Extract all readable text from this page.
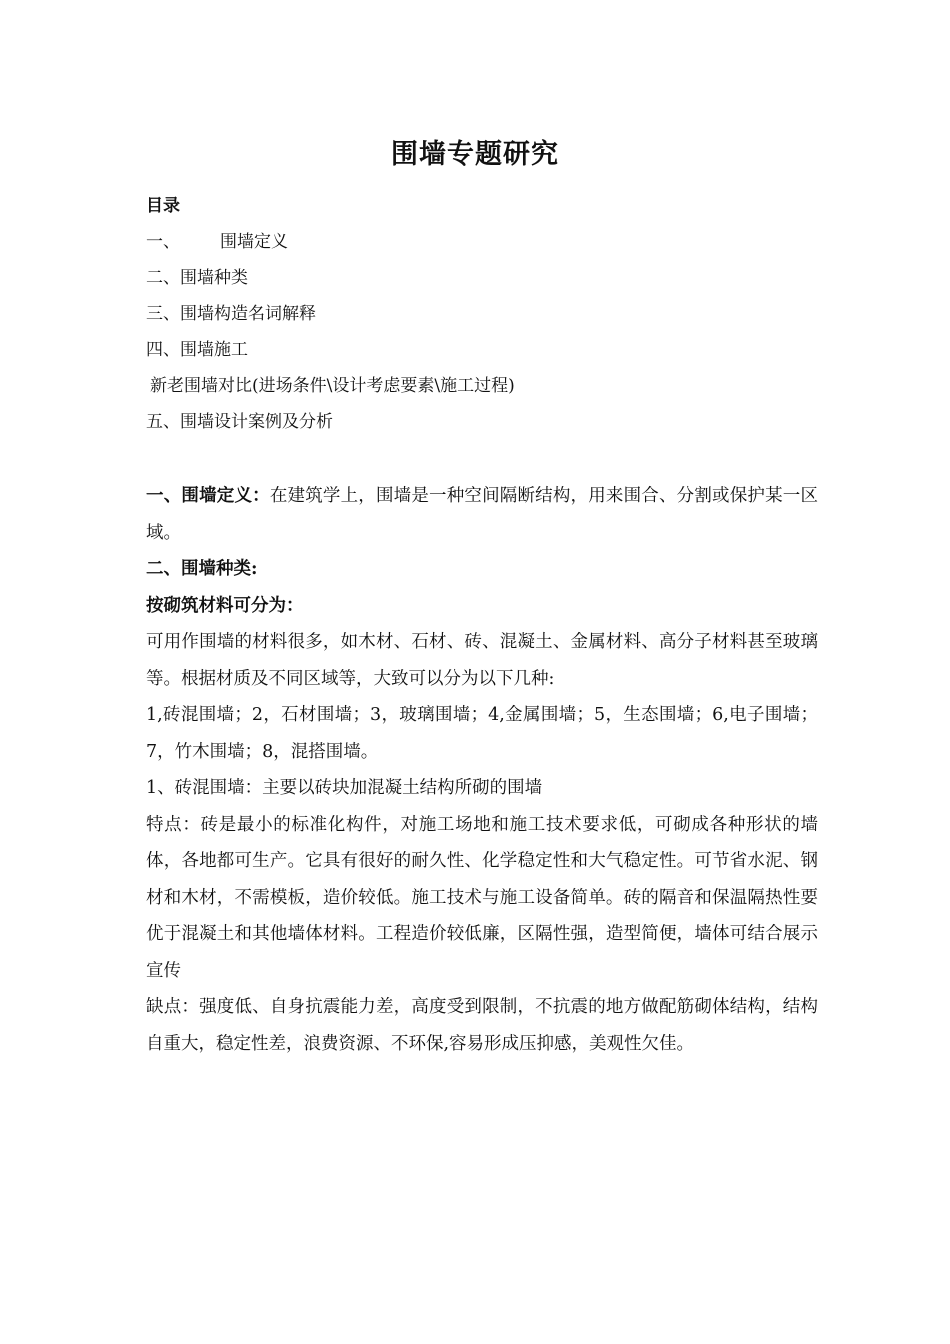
围墙专题研究
目录
一、 围墙定义
二、围墙种类
三、围墙构造名词解释
四、围墙施工
新老围墙对比(进场条件\设计考虑要素\施工过程)
五、围墙设计案例及分析

一、围墙定义：在建筑学上，围墙是一种空间隔断结构，用来围合、分割或保护某一区域。

二、围墙种类:

按砌筑材料可分为：

可用作围墙的材料很多，如木材、石材、砖、混凝土、金属材料、高分子材料甚至玻璃等。根据材质及不同区域等，大致可以分为以下几种:

1,砖混围墙；2，石材围墙；3，玻璃围墙；4,金属围墙；5，生态围墙；6,电子围墙；7，竹木围墙；8，混搭围墙。

1、砖混围墙：主要以砖块加混凝土结构所砌的围墙

特点：砖是最小的标准化构件，对施工场地和施工技术要求低，可砌成各种形状的墙体，各地都可生产。它具有很好的耐久性、化学稳定性和大气稳定性。可节省水泥、钢材和木材，不需模板，造价较低。施工技术与施工设备简单。砖的隔音和保温隔热性要优于混凝土和其他墙体材料。工程造价较低廉，区隔性强，造型简便，墙体可结合展示宣传

缺点：强度低、自身抗震能力差，高度受到限制，不抗震的地方做配筋砌体结构，结构自重大，稳定性差，浪费资源、不环保,容易形成压抑感，美观性欠佳。
